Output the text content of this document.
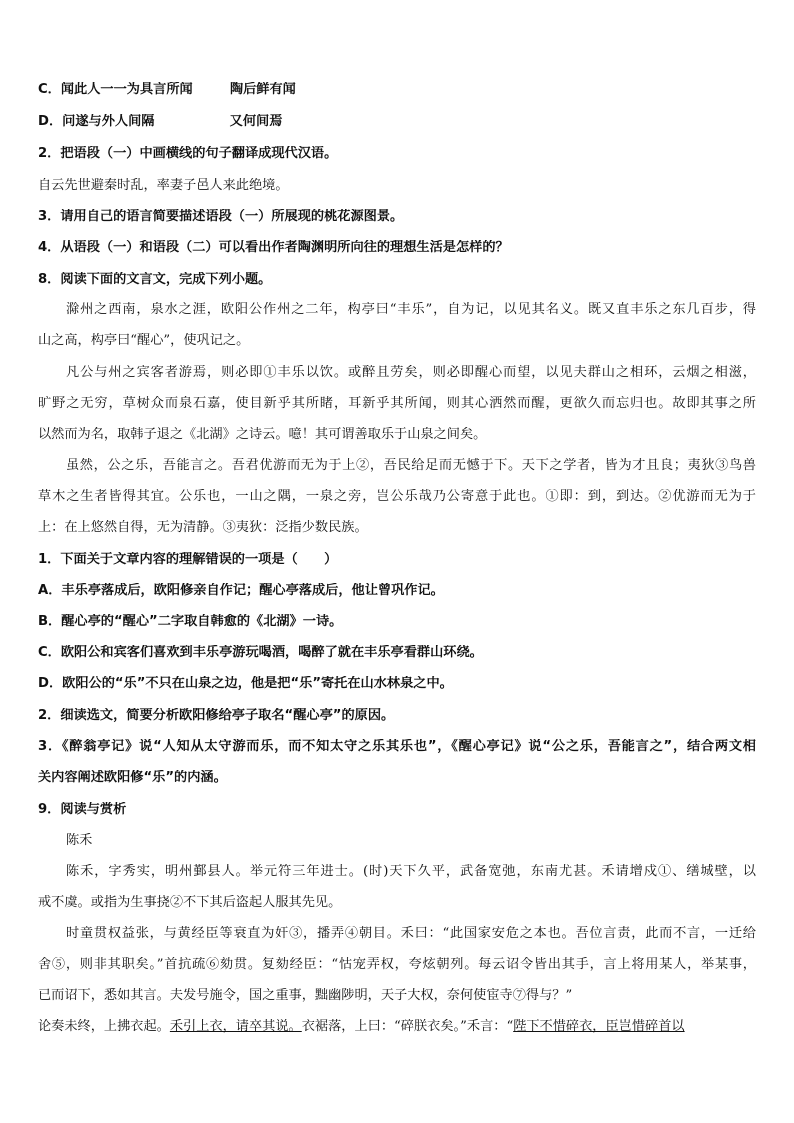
C．闻此人一一为具言所闻	陶后鲜有闻
D．问遂与外人间隔	又何间焉
2．把语段（一）中画横线的句子翻译成现代汉语。
自云先世避秦时乱，率妻子邑人来此绝境。
3．请用自己的语言简要描述语段（一）所展现的桃花源图景。
4．从语段（一）和语段（二）可以看出作者陶渊明所向往的理想生活是怎样的？
8．阅读下面的文言文，完成下列小题。
滁州之西南，泉水之涯，欧阳公作州之二年，构亭曰“丰乐”，自为记，以见其名义。既又直丰乐之东几百步，得
山之高，构亭曰“醒心”，使巩记之。
凡公与州之宾客者游焉，则必即①丰乐以饮。或醉且劳矣，则必即醒心而望，以见夫群山之相环，云烟之相滋，
旷野之无穷，草树众而泉石嘉，使目新乎其所睹，耳新乎其所闻，则其心洒然而醒，更欲久而忘归也。故即其事之所
以然而为名，取韩子退之《北湖》之诗云。噫！其可谓善取乐于山泉之间矣。
虽然，公之乐，吾能言之。吾君优游而无为于上②，吾民给足而无憾于下。天下之学者，皆为才且良；夷狄③鸟兽
草木之生者皆得其宜。公乐也，一山之隅，一泉之旁，岂公乐哉乃公寄意于此也。①即：到，到达。②优游而无为于
上：在上悠然自得，无为清静。③夷狄：泛指少数民族。
1．下面关于文章内容的理解错误的一项是（　　）
A．丰乐亭落成后，欧阳修亲自作记；醒心亭落成后，他让曾巩作记。
B．醒心亭的“醒心”二字取自韩愈的《北湖》一诗。
C．欧阳公和宾客们喜欢到丰乐亭游玩喝酒，喝醉了就在丰乐亭看群山环绕。
D．欧阳公的“乐”不只在山泉之边，他是把“乐”寄托在山水林泉之中。
2．细读选文，简要分析欧阳修给亭子取名“醒心亭”的原因。
3．《醉翁亭记》说“人知从太守游而乐，而不知太守之乐其乐也”，《醒心亭记》说“公之乐，吾能言之”，结合两文相
关内容阐述欧阳修“乐”的内涵。
9．阅读与赏析
陈禾
陈禾，字秀实，明州鄞县人。举元符三年进士。(时)天下久平，武备宽弛，东南尤甚。禾请增戍①、缮城壁，以
戒不虞。或指为生事挠②不下其后盗起人服其先见。
时童贯权益张，与黄经臣等衰直为奸③，播弄④朝目。禾曰：“此国家安危之本也。吾位言责，此而不言，一迁给
舍⑤，则非其职矣。”首抗疏⑥劾贯。复劾经臣：“怙宠弄权，夸炫朝列。每云诏令皆出其手，言上将用某人，举某事，
已而诏下，悉如其言。夫发号施令，国之重事，黜幽陟明，天子大权，奈何使宦寺⑦得与？”
论奏未终，上拂衣起。禾引上衣，请卒其说。衣裾落，上曰：“碎朕衣矣。”禾言：“陛下不惜碎衣，臣岂惜碎首以
